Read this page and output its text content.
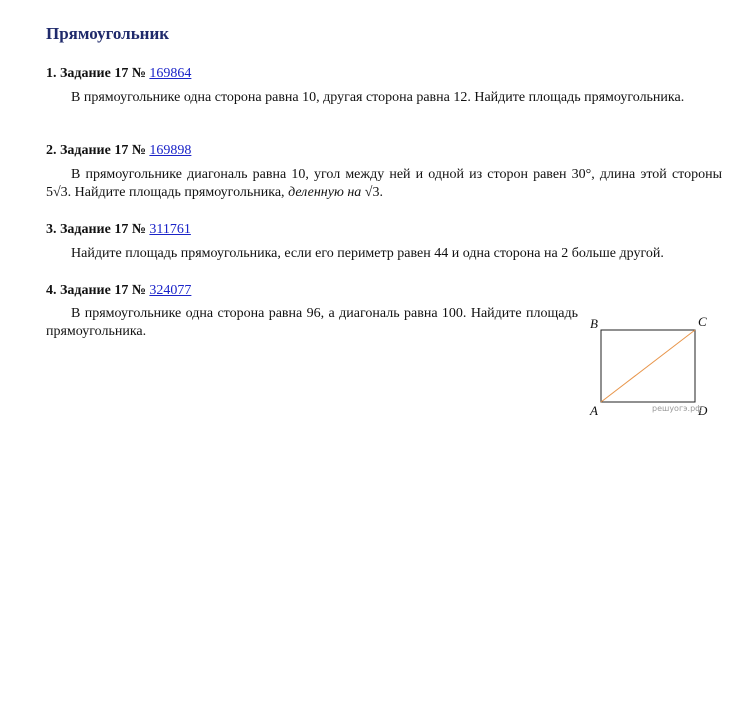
Прямоугольник
1. Задание 17 № 169864

В прямоугольнике одна сторона равна 10, другая сторона равна 12. Найдите площадь прямоугольника.

2. Задание 17 № 169898

В прямоугольнике диагональ равна 10, угол между ней и одной из сторон равен 30°, длина этой стороны 5√3. Найдите площадь прямоугольника, деленную на √3.

3. Задание 17 № 311761

Найдите площадь прямоугольника, если его периметр равен 44 и одна сторона на 2 больше другой.

4. Задание 17 № 324077

В прямоугольнике одна сторона равна 96, а диагональ равна 100. Найдите площадь прямоугольника.

B	C
A	D
решуогэ.рф
